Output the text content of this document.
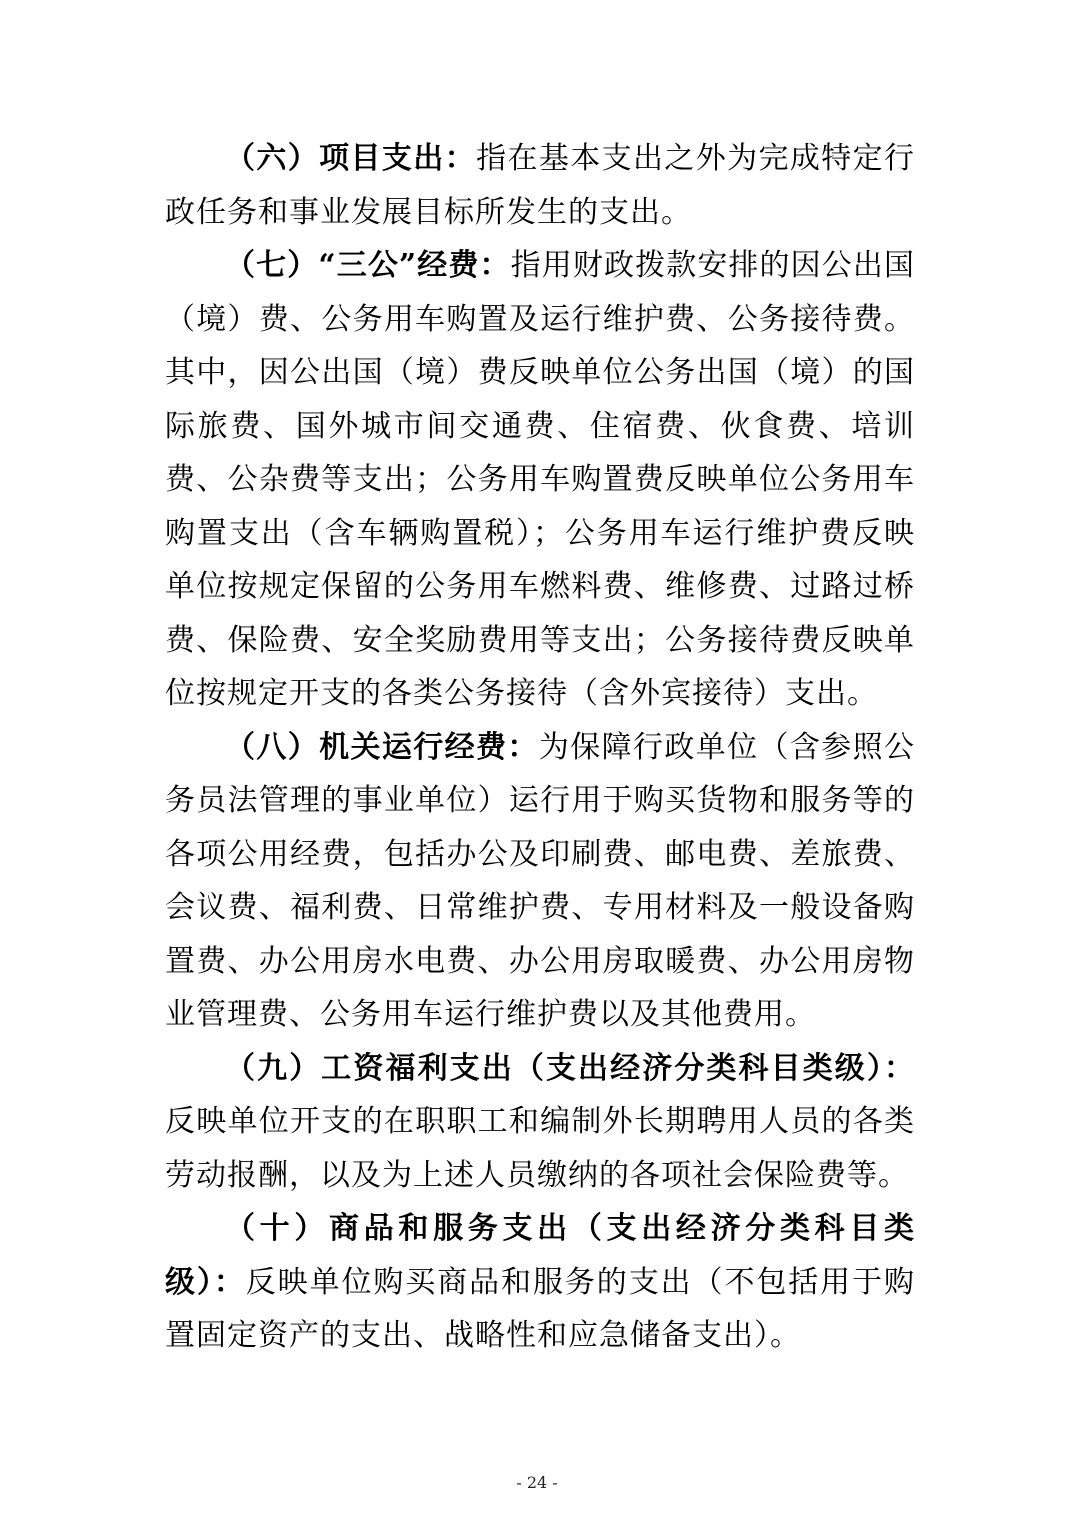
（六）项目支出：指在基本支出之外为完成特定行政任务和事业发展目标所发生的支出。

（七）“三公”经费：指用财政拨款安排的因公出国（境）费、公务用车购置及运行维护费、公务接待费。其中，因公出国（境）费反映单位公务出国（境）的国际旅费、国外城市间交通费、住宿费、伙食费、培训费、公杂费等支出；公务用车购置费反映单位公务用车购置支出（含车辆购置税）；公务用车运行维护费反映单位按规定保留的公务用车燃料费、维修费、过路过桥费、保险费、安全奖励费用等支出；公务接待费反映单位按规定开支的各类公务接待（含外宾接待）支出。

（八）机关运行经费：为保障行政单位（含参照公务员法管理的事业单位）运行用于购买货物和服务等的各项公用经费，包括办公及印刷费、邮电费、差旅费、会议费、福利费、日常维护费、专用材料及一般设备购置费、办公用房水电费、办公用房取暖费、办公用房物业管理费、公务用车运行维护费以及其他费用。

（九）工资福利支出（支出经济分类科目类级）：反映单位开支的在职职工和编制外长期聘用人员的各类劳动报酬，以及为上述人员缴纳的各项社会保险费等。

（十）商品和服务支出（支出经济分类科目类级）：反映单位购买商品和服务的支出（不包括用于购置固定资产的支出、战略性和应急储备支出）。

- 24 -
